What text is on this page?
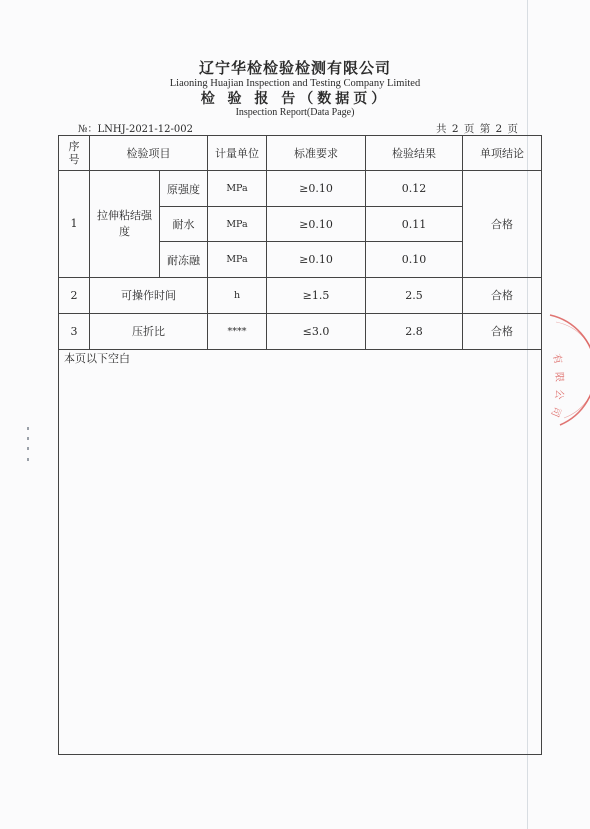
辽宁华检检验检测有限公司
Liaoning Huajian Inspection and Testing Company Limited
检 验 报 告（数据页）
Inspection Report(Data Page)
№：LNHJ-2021-12-002	共 2 页 第 2 页
序号	检验项目		计量单位	标准要求	检验结果	单项结论
1	拉伸粘结强度	原强度	MPa	≥0.10	0.12	合格
		耐水	MPa	≥0.10	0.11	
		耐冻融	MPa	≥0.10	0.10	
2	可操作时间		h	≥1.5	2.5	合格
3	压折比		****	≤3.0	2.8	合格
本页以下空白	有
限
公
司
